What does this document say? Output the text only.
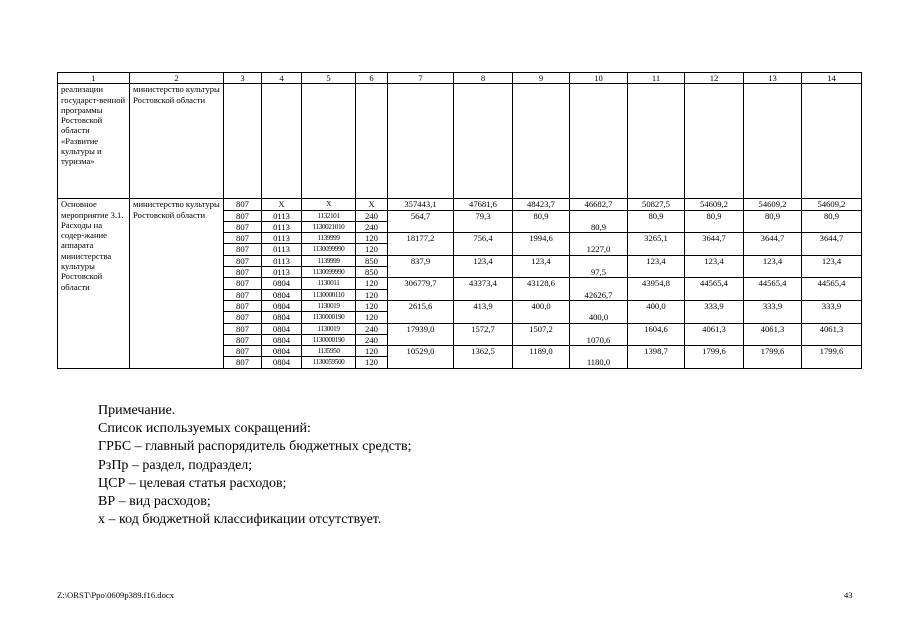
1	2	3	4	5	6	7	8	9	10	11	12	13	14
реализации государст-венной программы Ростовской области «Развитие культуры и туризма»	министерство культуры Ростовской области												
Основное мероприятие 3.1. Расходы на содер-жание аппарата министерства культуры Ростовской области	министерство культуры Ростовской области	807	Х	Х	Х	357443,1	47681,6	48423,7	46682,7	50827,5	54609,2	54609,2	54609,2
		807	0113	1132101	240	564,7	79,3	80,9	80,9	80,9	80,9	80,9	80,9

		807	0113	1130021010	240								
		807	0113	1139999	120	18177,2	756,4	1994,6	1227,0	3265,1	3644,7	3644,7	3644,7

		807	0113	1130099990	120								
		807	0113	1139999	850	837,9	123,4	123,4	97,5	123,4	123,4	123,4	123,4

		807	0113	1130099990	850								
		807	0804	1130011	120	306779,7	43373,4	43128,6	42626,7	43954,8	44565,4	44565,4	44565,4

		807	0804	1130000110	120								
		807	0804	1130019	120	2615,6	413,9	400,0	400,0	400,0	333,9	333,9	333,9

		807	0804	1130000190	120								
		807	0804	1130019	240	17939,0	1572,7	1507,2	1070,6	1604,6	4061,3	4061,3	4061,3

		807	0804	1130000190	240								
		807	0804	1135950	120	10529,0	1362,5	1189,0	1180,0	1398,7	1799,6	1799,6	1799,6

		807	0804	1130059500	120								
Примечание.
Список используемых сокращений:
ГРБС – главный распорядитель бюджетных средств;
РзПр – раздел, подраздел;
ЦСР – целевая статья расходов;
ВР – вид расходов;
х – код бюджетной классификации отсутствует.
Z:\ORST\Ppo\0609p389.f16.docx	43
